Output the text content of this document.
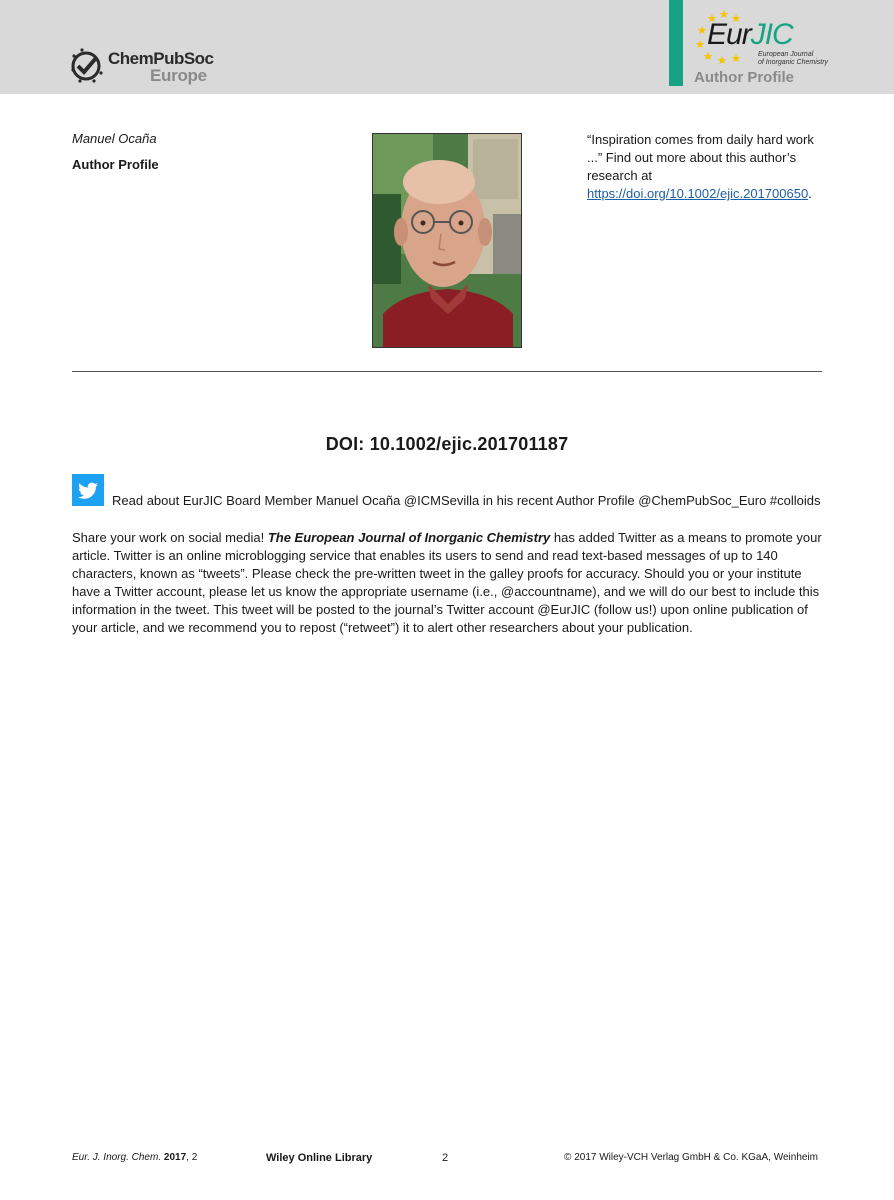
ChemPubSoc
Europe
EurJIC
European Journal
of Inorganic Chemistry
Author Profile
Manuel Ocaña
Author Profile
“Inspiration comes from daily hard work ...” Find out more about this author’s research at https://doi.org/10.1002/ejic.201700650.
DOI: 10.1002/ejic.201701187
Read about EurJIC Board Member Manuel Ocaña @ICMSevilla in his recent Author Profile @ChemPubSoc_Euro #colloids
Share your work on social media! The European Journal of Inorganic Chemistry has added Twitter as a means to promote your article. Twitter is an online microblogging service that enables its users to send and read text-based messages of up to 140 characters, known as “tweets”. Please check the pre-written tweet in the galley proofs for accuracy. Should you or your institute have a Twitter account, please let us know the appropriate username (i.e., @accountname), and we will do our best to include this information in the tweet. This tweet will be posted to the journal’s Twitter account @EurJIC (follow us!) upon online publication of your article, and we recommend you to repost (“retweet”) it to alert other researchers about your publication.
Eur. J. Inorg. Chem. 2017, 2	Wiley Online Library	2	© 2017 Wiley-VCH Verlag GmbH & Co. KGaA, Weinheim
